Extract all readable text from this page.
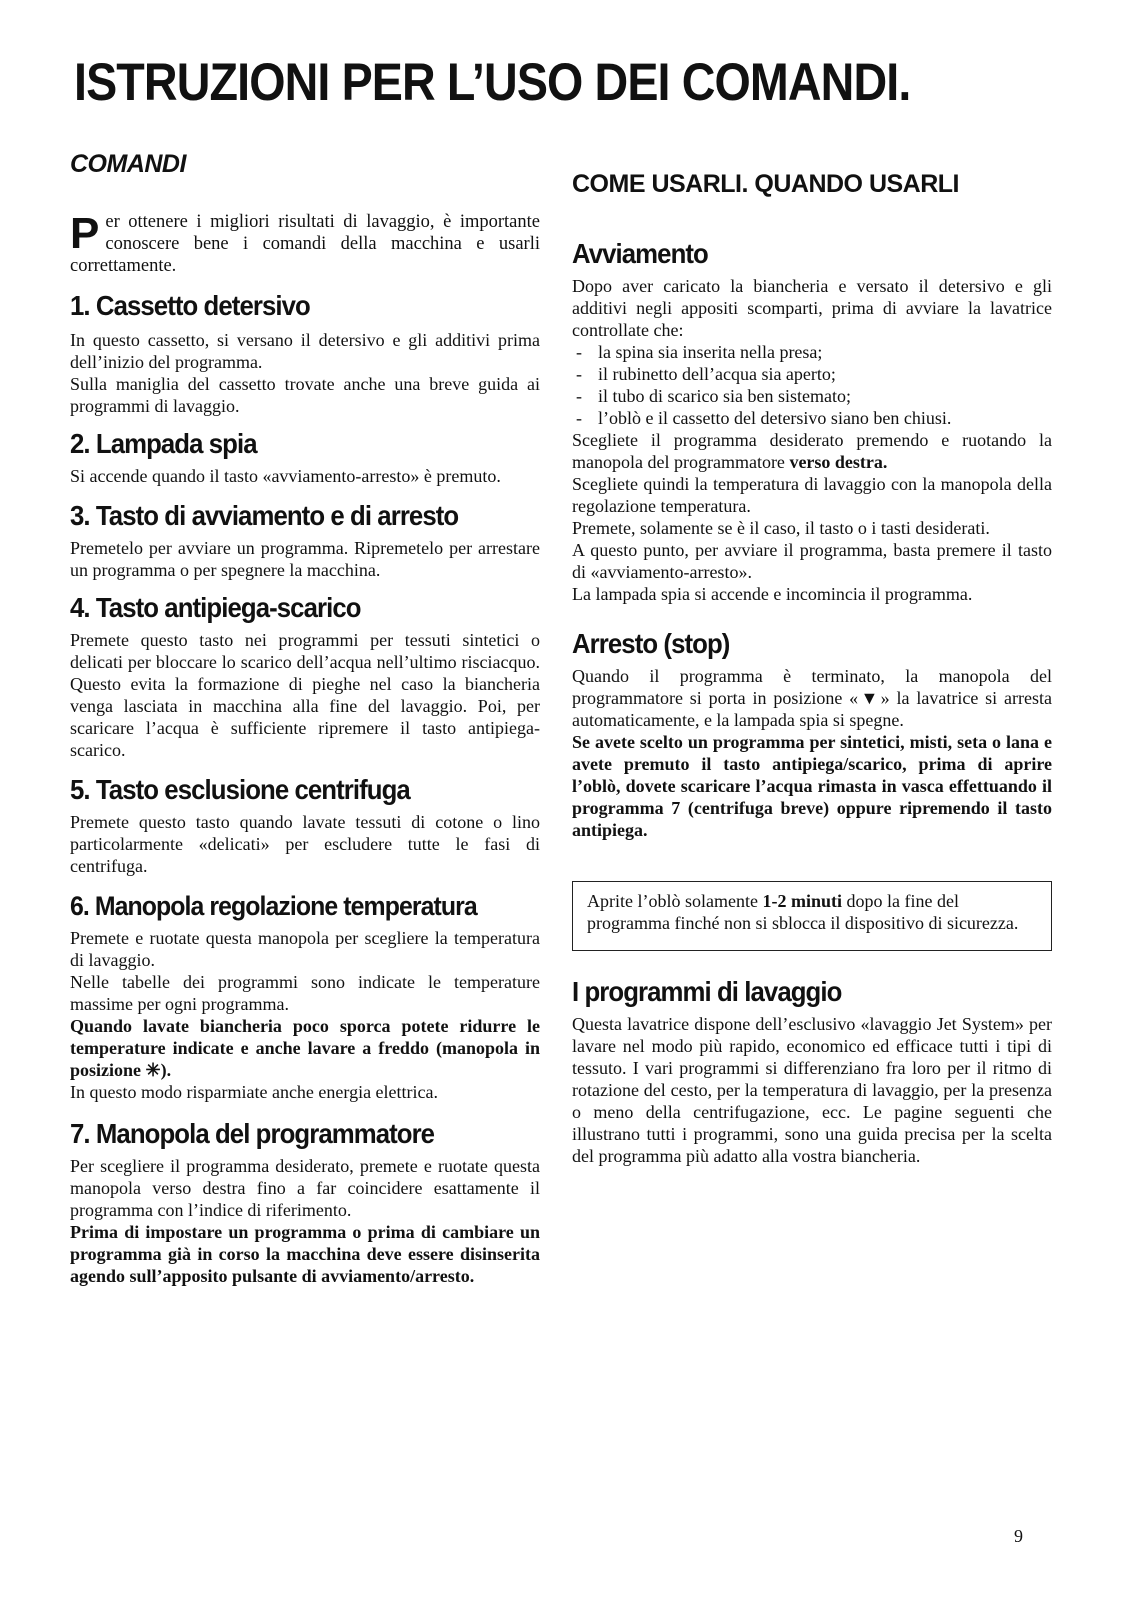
ISTRUZIONI PER L’USO DEI COMANDI.
COMANDI

Per ottenere i migliori risultati di lavaggio, è importante conoscere bene i comandi della macchina e usarli correttamente.

1. Cassetto detersivo

In questo cassetto, si versano il detersivo e gli additivi prima dell’inizio del programma.

Sulla maniglia del cassetto trovate anche una breve guida ai programmi di lavaggio.

2. Lampada spia

Si accende quando il tasto «avviamento-arresto» è premuto.

3. Tasto di avviamento e di arresto

Premetelo per avviare un programma. Ripremetelo per arrestare un programma o per spegnere la macchina.

4. Tasto antipiega-scarico

Premete questo tasto nei programmi per tessuti sintetici o delicati per bloccare lo scarico dell’acqua nell’ultimo risciacquo. Questo evita la formazione di pieghe nel caso la biancheria venga lasciata in macchina alla fine del lavaggio. Poi, per scaricare l’acqua è sufficiente ripremere il tasto antipiega-scarico.

5. Tasto esclusione centrifuga

Premete questo tasto quando lavate tessuti di cotone o lino particolarmente «delicati» per escludere tutte le fasi di centrifuga.

6. Manopola regolazione temperatura

Premete e ruotate questa manopola per scegliere la temperatura di lavaggio.

Nelle tabelle dei programmi sono indicate le temperature massime per ogni programma.

Quando lavate biancheria poco sporca potete ridurre le temperature indicate e anche lavare a freddo (manopola in posizione ✳).

In questo modo risparmiate anche energia elettrica.

7. Manopola del programmatore

Per scegliere il programma desiderato, premete e ruotate questa manopola verso destra fino a far coincidere esattamente il programma con l’indice di riferimento.

Prima di impostare un programma o prima di cambiare un programma già in corso la macchina deve essere disinserita agendo sull’apposito pulsante di avviamento/arresto.

COME USARLI. QUANDO USARLI
Avviamento

Dopo aver caricato la biancheria e versato il detersivo e gli additivi negli appositi scomparti, prima di avviare la lavatrice controllate che:

- la spina sia inserita nella presa;
- il rubinetto dell’acqua sia aperto;
- il tubo di scarico sia ben sistemato;
- l’oblò e il cassetto del detersivo siano ben chiusi.

Scegliete il programma desiderato premendo e ruotando la manopola del programmatore verso destra.

Scegliete quindi la temperatura di lavaggio con la manopola della regolazione temperatura.

Premete, solamente se è il caso, il tasto o i tasti desiderati.

A questo punto, per avviare il programma, basta premere il tasto di «avviamento-arresto».

La lampada spia si accende e incomincia il programma.

Arresto (stop)

Quando il programma è terminato, la manopola del programmatore si porta in posizione «▼» la lavatrice si arresta automaticamente, e la lampada spia si spegne.

Se avete scelto un programma per sintetici, misti, seta o lana e avete premuto il tasto antipiega/scarico, prima di aprire l’oblò, dovete scaricare l’acqua rimasta in vasca effettuando il programma 7 (centrifuga breve) oppure ripremendo il tasto antipiega.

Aprite l’oblò solamente 1-2 minuti dopo la fine del programma finché non si sblocca il dispositivo di sicurezza.
I programmi di lavaggio

Questa lavatrice dispone dell’esclusivo «lavaggio Jet System» per lavare nel modo più rapido, economico ed efficace tutti i tipi di tessuto. I vari programmi si differenziano fra loro per il ritmo di rotazione del cesto, per la temperatura di lavaggio, per la presenza o meno della centrifugazione, ecc. Le pagine seguenti che illustrano tutti i programmi, sono una guida precisa per la scelta del programma più adatto alla vostra biancheria.

9
